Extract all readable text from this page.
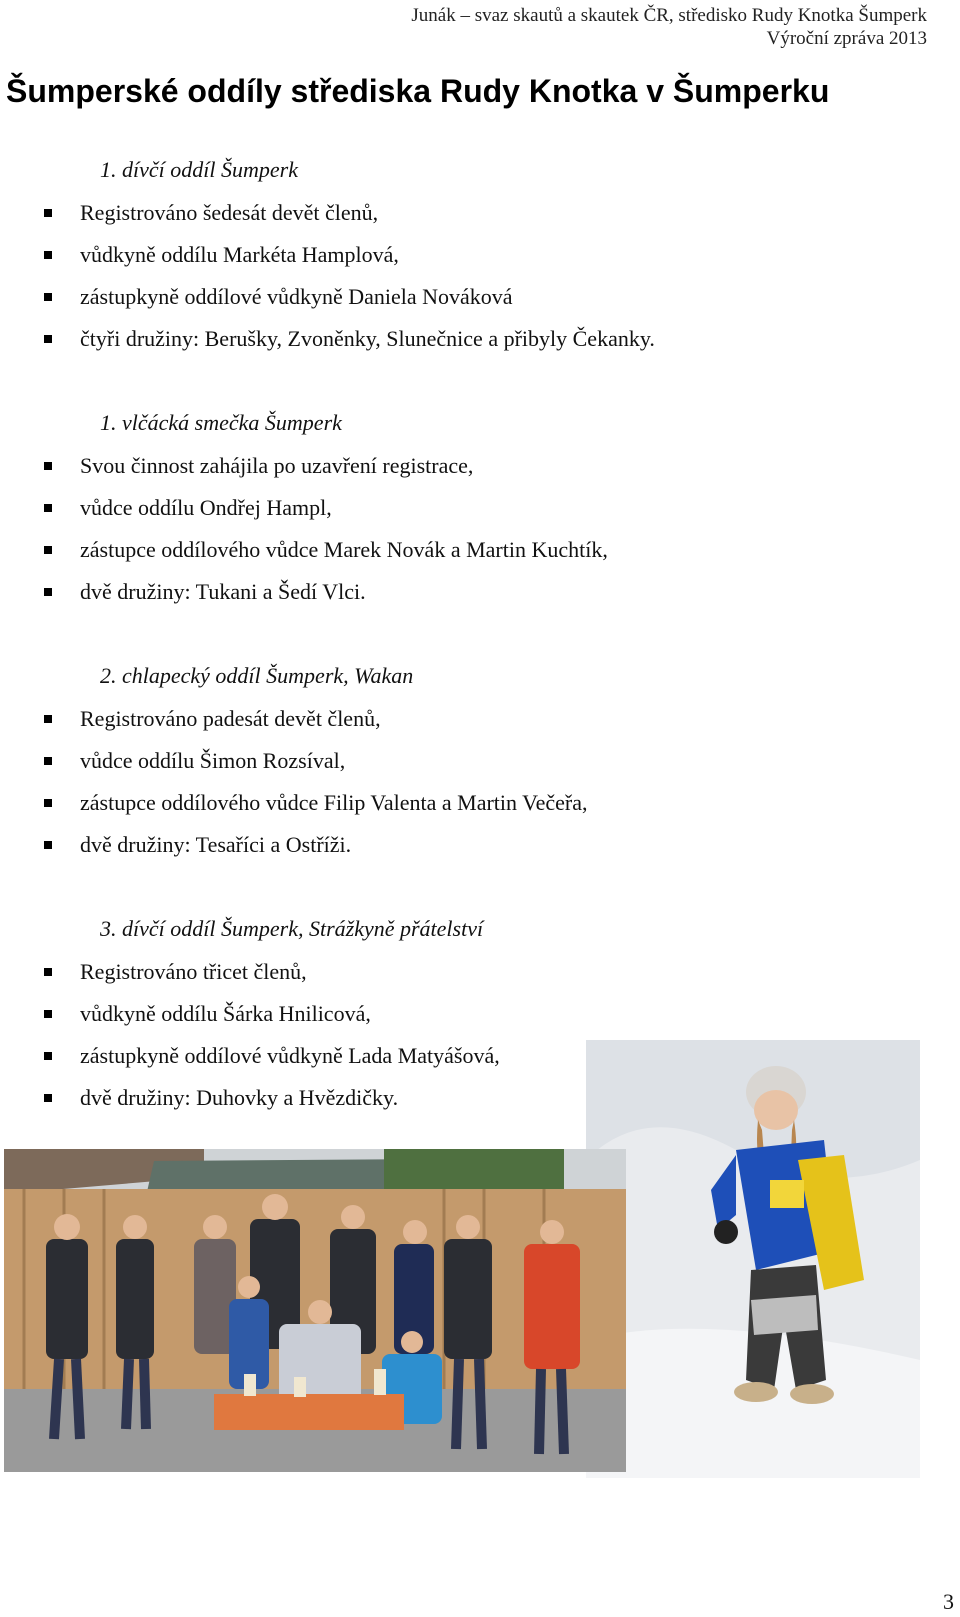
Junák – svaz skautů a skautek ČR, středisko Rudy Knotka Šumperk
Výroční zpráva 2013
Šumperské oddíly střediska Rudy Knotka v Šumperku
1. dívčí oddíl Šumperk
Registrováno šedesát devět členů,
vůdkyně oddílu Markéta Hamplová,
zástupkyně oddílové vůdkyně Daniela Nováková
čtyři družiny: Berušky, Zvoněnky, Slunečnice a přibyly Čekanky.
1. vlčácká smečka Šumperk
Svou činnost zahájila po uzavření registrace,
vůdce oddílu Ondřej Hampl,
zástupce oddílového vůdce Marek Novák a Martin Kuchtík,
dvě družiny: Tukani a Šedí Vlci.
2. chlapecký oddíl Šumperk, Wakan
Registrováno padesát devět členů,
vůdce oddílu Šimon Rozsíval,
zástupce oddílového vůdce Filip Valenta a Martin Večeřa,
dvě družiny: Tesaříci a Ostříži.
3. dívčí oddíl Šumperk, Strážkyně přátelství
Registrováno třicet členů,
vůdkyně oddílu Šárka Hnilicová,
zástupkyně oddílové vůdkyně Lada Matyášová,
dvě družiny: Duhovky a Hvězdičky.
3
